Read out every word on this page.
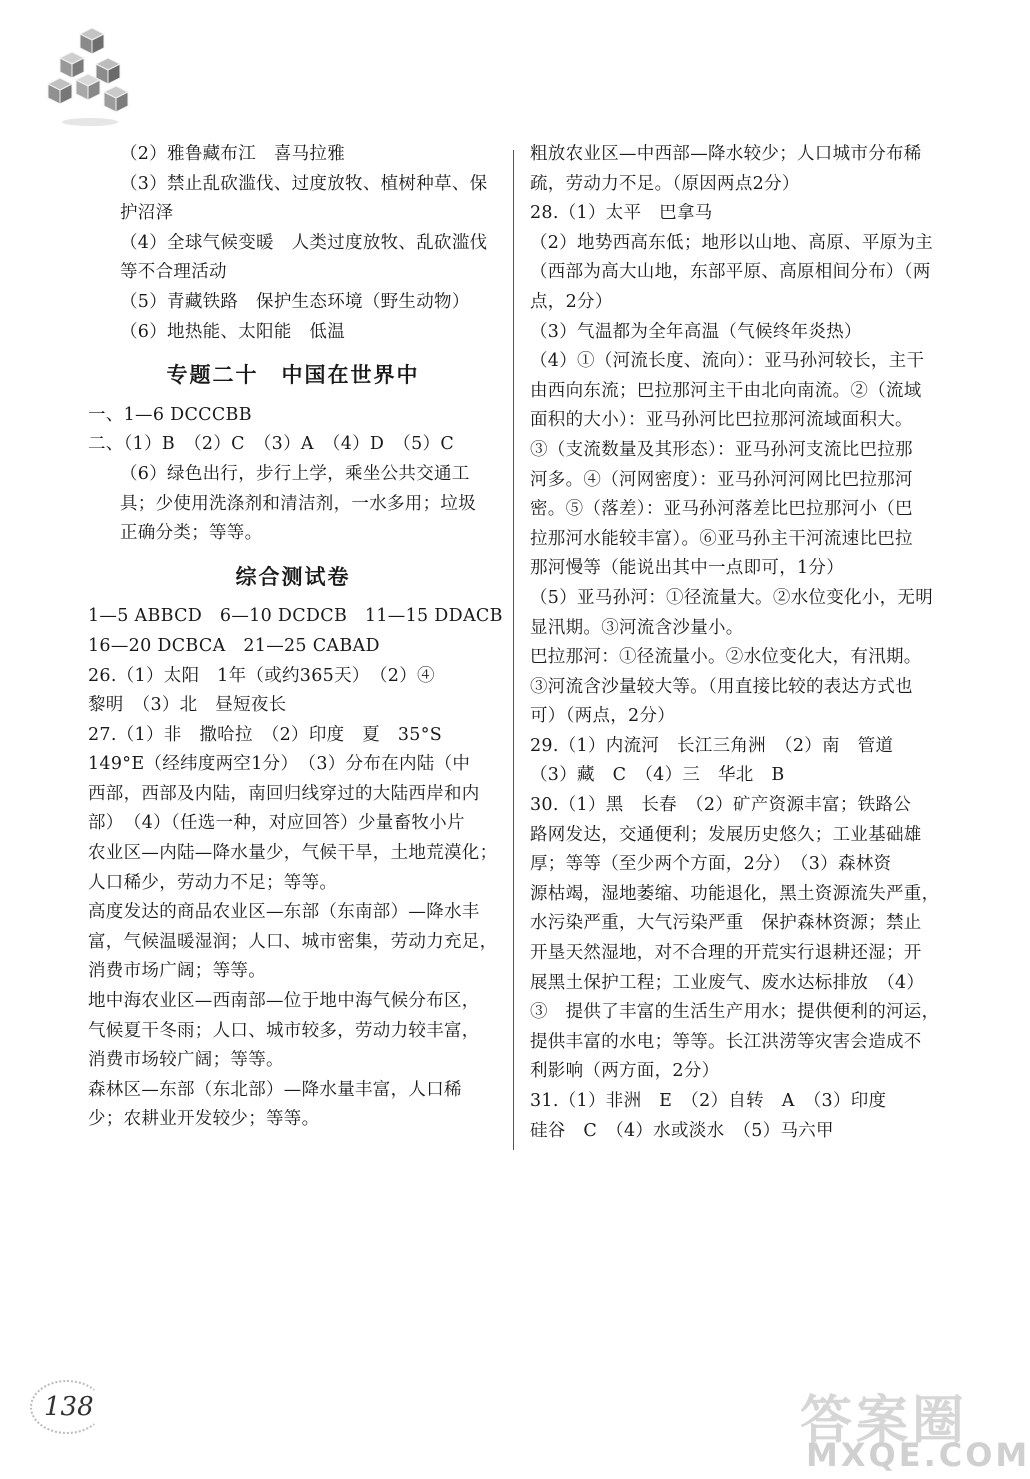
（2）雅鲁藏布江　喜马拉雅
（3）禁止乱砍滥伐、过度放牧、植树种草、保
护沼泽
（4）全球气候变暖　人类过度放牧、乱砍滥伐
等不合理活动
（5）青藏铁路　保护生态环境（野生动物）
（6）地热能、太阳能　低温
专题二十　中国在世界中
一、1—6 DCCCBB
二、（1）B　（2）C　（3）A　（4）D　（5）C
（6）绿色出行，步行上学，乘坐公共交通工
具；少使用洗涤剂和清洁剂，一水多用；垃圾
正确分类；等等。
综合测试卷
1—5 ABBCD　6—10 DCDCB　11—15 DDACB
16—20 DCBCA　21—25 CABAD
26.（1）太阳　1年（或约365天）　（2）④
黎明　（3）北　昼短夜长
27.（1）非　撒哈拉　（2）印度　夏　35°S
149°E（经纬度两空1分）　（3）分布在内陆（中
西部，西部及内陆，南回归线穿过的大陆西岸和内
部）　（4）（任选一种，对应回答）少量畜牧小片
农业区—内陆—降水量少，气候干旱，土地荒漠化；
人口稀少，劳动力不足；等等。
高度发达的商品农业区—东部（东南部）—降水丰
富，气候温暖湿润；人口、城市密集，劳动力充足，
消费市场广阔；等等。
地中海农业区—西南部—位于地中海气候分布区，
气候夏干冬雨；人口、城市较多，劳动力较丰富，
消费市场较广阔；等等。
森林区—东部（东北部）—降水量丰富，人口稀
少；农耕业开发较少；等等。
粗放农业区—中西部—降水较少；人口城市分布稀
疏，劳动力不足。（原因两点2分）
28.（1）太平　巴拿马
（2）地势西高东低；地形以山地、高原、平原为主
（西部为高大山地，东部平原、高原相间分布）（两
点，2分）
（3）气温都为全年高温（气候终年炎热）
（4）①（河流长度、流向）：亚马孙河较长，主干
由西向东流；巴拉那河主干由北向南流。②（流域
面积的大小）：亚马孙河比巴拉那河流域面积大。
③（支流数量及其形态）：亚马孙河支流比巴拉那
河多。④（河网密度）：亚马孙河河网比巴拉那河
密。⑤（落差）：亚马孙河落差比巴拉那河小（巴
拉那河水能较丰富）。⑥亚马孙主干河流速比巴拉
那河慢等（能说出其中一点即可，1分）
（5）亚马孙河：①径流量大。②水位变化小，无明
显汛期。③河流含沙量小。
巴拉那河：①径流量小。②水位变化大，有汛期。
③河流含沙量较大等。（用直接比较的表达方式也
可）（两点，2分）
29.（1）内流河　长江三角洲　（2）南　管道
（3）藏　C　（4）三　华北　B
30.（1）黑　长春　（2）矿产资源丰富；铁路公
路网发达，交通便利；发展历史悠久；工业基础雄
厚；等等（至少两个方面，2分）　（3）森林资
源枯竭，湿地萎缩、功能退化，黑土资源流失严重，
水污染严重，大气污染严重　保护森林资源；禁止
开垦天然湿地，对不合理的开荒实行退耕还湿；开
展黑土保护工程；工业废气、废水达标排放　（4）
③　提供了丰富的生活生产用水；提供便利的河运，
提供丰富的水电；等等。长江洪涝等灾害会造成不
利影响（两方面，2分）
31.（1）非洲　E　（2）自转　A　（3）印度
硅谷　C　（4）水或淡水　（5）马六甲
138	答案圈
MXQE.COM
